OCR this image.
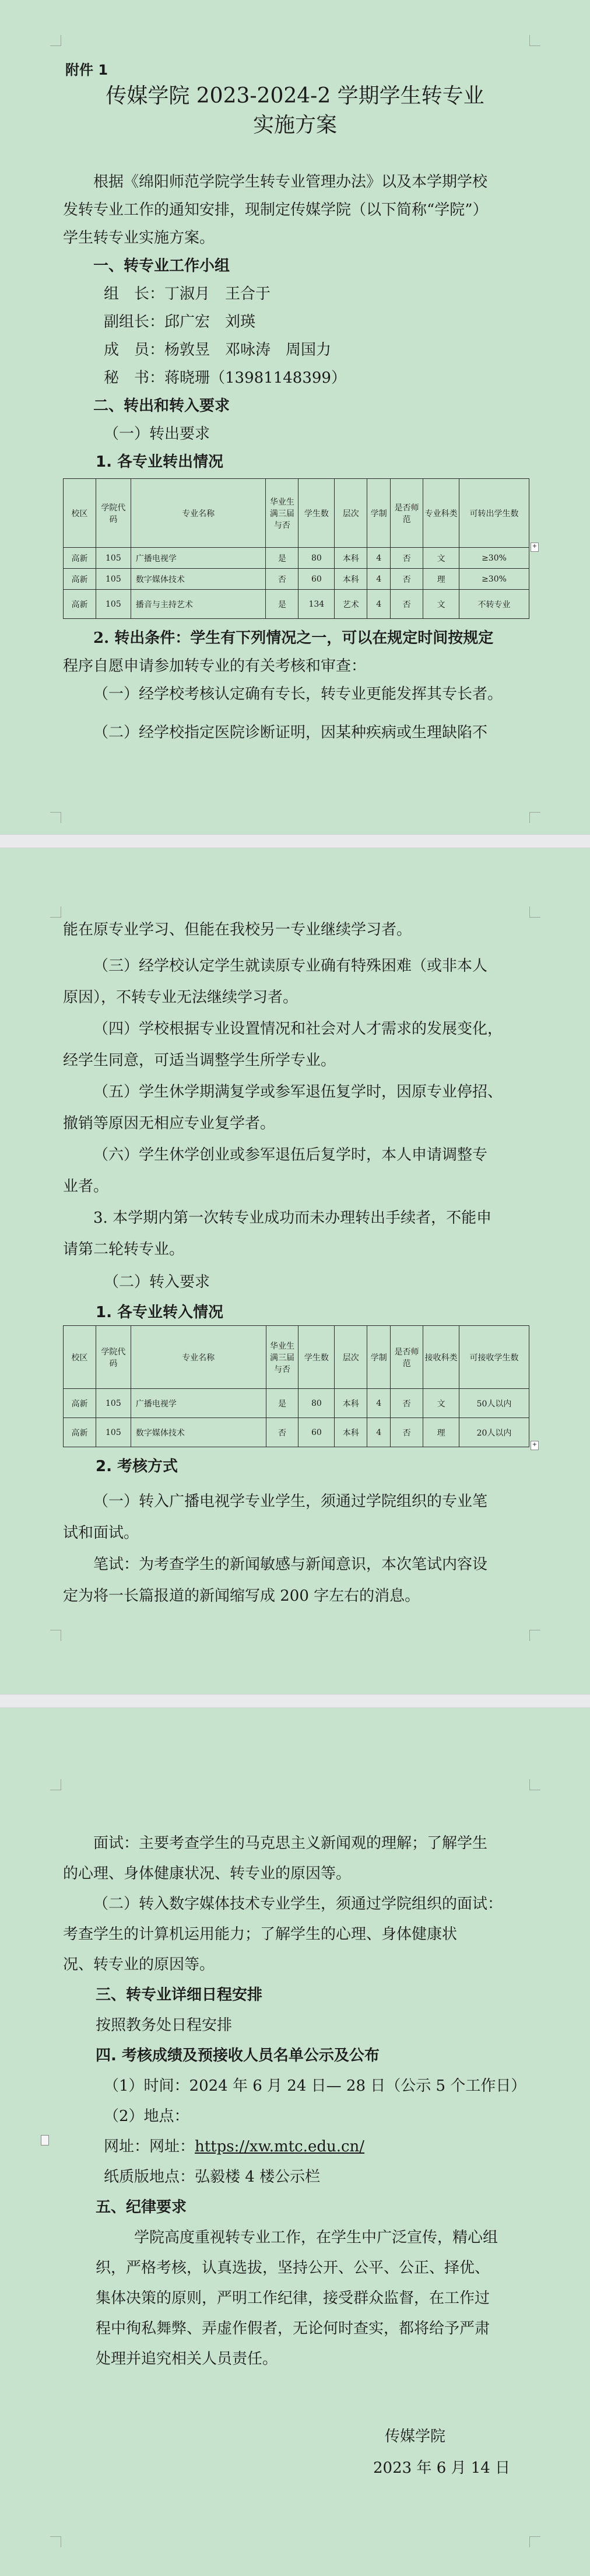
附件 1
传媒学院 2023-2024-2 学期学生转专业
实施方案
根据《绵阳师范学院学生转专业管理办法》以及本学期学校
发转专业工作的通知安排，现制定传媒学院（以下简称“学院”）
学生转专业实施方案。
一、转专业工作小组
组　长：丁淑月　王合于
副组长：邱广宏　刘瑛
成　员：杨敦昱　邓咏涛　周国力
秘　书：蒋晓珊（13981148399）
二、转出和转入要求
（一）转出要求
1. 各专业转出情况
校区	学院代码	专业名称	华业生满三届与否	学生数	层次	学制	是否师范	专业科类	可转出学生数
高新	105	广播电视学	是	80	本科	4	否	文	≥30%
高新	105	数字媒体技术	否	60	本科	4	否	理	≥30%
高新	105	播音与主持艺术	是	134	艺术	4	否	文	不转专业
+
2. 转出条件：学生有下列情况之一，可以在规定时间按规定
程序自愿申请参加转专业的有关考核和审查：
（一）经学校考核认定确有专长，转专业更能发挥其专长者。
（二）经学校指定医院诊断证明，因某种疾病或生理缺陷不
能在原专业学习、但能在我校另一专业继续学习者。
（三）经学校认定学生就读原专业确有特殊困难（或非本人
原因），不转专业无法继续学习者。
（四）学校根据专业设置情况和社会对人才需求的发展变化，
经学生同意，可适当调整学生所学专业。
（五）学生休学期满复学或参军退伍复学时，因原专业停招、
撤销等原因无相应专业复学者。
（六）学生休学创业或参军退伍后复学时，本人申请调整专
业者。
3. 本学期内第一次转专业成功而未办理转出手续者，不能申
请第二轮转专业。
（二）转入要求
1. 各专业转入情况
校区	学院代码	专业名称	华业生满三届与否	学生数	层次	学制	是否师范	接收科类	可接收学生数
高新	105	广播电视学	是	80	本科	4	否	文	50人以内
高新	105	数字媒体技术	否	60	本科	4	否	理	20人以内
+
2. 考核方式
（一）转入广播电视学专业学生，须通过学院组织的专业笔
试和面试。
笔试：为考查学生的新闻敏感与新闻意识，本次笔试内容设
定为将一长篇报道的新闻缩写成 200 字左右的消息。
面试：主要考查学生的马克思主义新闻观的理解；了解学生
的心理、身体健康状况、转专业的原因等。
（二）转入数字媒体技术专业学生，须通过学院组织的面试：
考查学生的计算机运用能力；了解学生的心理、身体健康状
况、转专业的原因等。
三、转专业详细日程安排
按照教务处日程安排
四. 考核成绩及预接收人员名单公示及公布
（1）时间：2024 年 6 月 24 日— 28 日（公示 5 个工作日）
（2）地点：
网址：网址：https://xw.mtc.edu.cn/
纸质版地点：弘毅楼 4 楼公示栏
五、纪律要求
学院高度重视转专业工作，在学生中广泛宣传，精心组
织，严格考核，认真选拔，坚持公开、公平、公正、择优、
集体决策的原则，严明工作纪律，接受群众监督，在工作过
程中徇私舞弊、弄虚作假者，无论何时查实，都将给予严肃
处理并追究相关人员责任。
传媒学院
2023 年 6 月 14 日
